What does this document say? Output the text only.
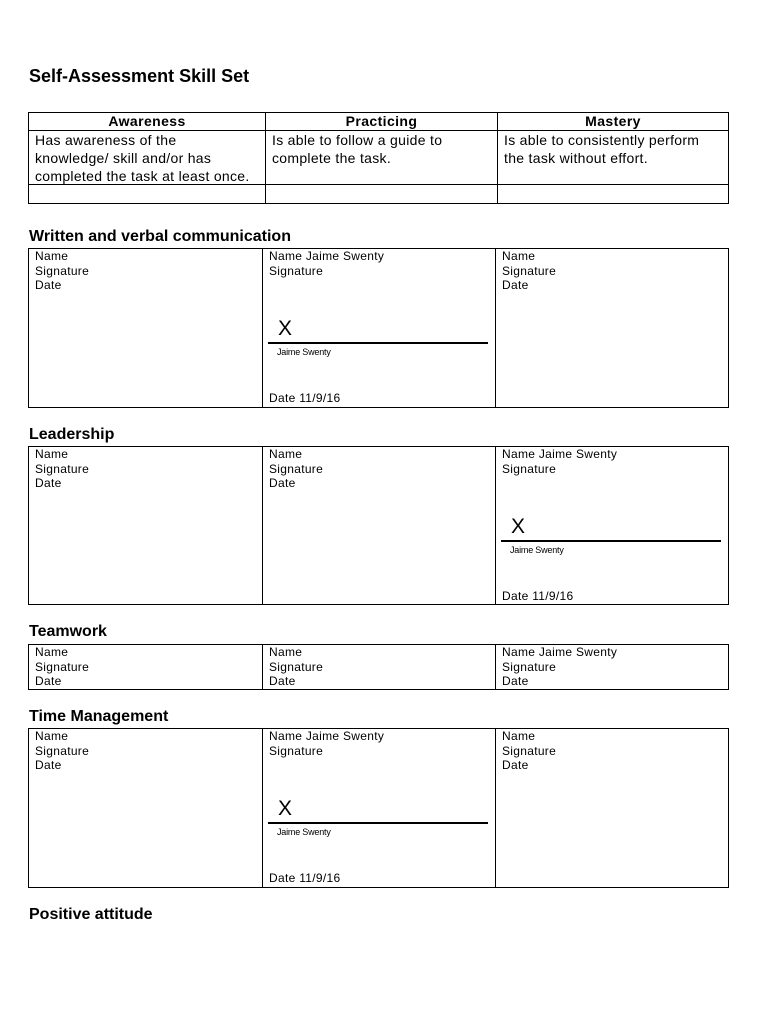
Self-Assessment Skill Set
Awareness	Practicing	Mastery
Has awareness of the
knowledge/ skill and/or has
completed the task at least once.
Is able to follow a guide to
complete the task.
Is able to consistently perform
the task without effort.
Written and verbal communication
Name
Signature
Date
Name Jaime Swenty
Signature
X
Jaime Swenty
Date 11/9/16
Name
Signature
Date
Leadership
Name
Signature
Date
Name
Signature
Date
Name Jaime Swenty
Signature
X
Jaime Swenty
Date 11/9/16
Teamwork
Name
Signature
Date
Name
Signature
Date
Name Jaime Swenty
Signature
Date
Time Management
Name
Signature
Date
Name Jaime Swenty
Signature
X
Jaime Swenty
Date 11/9/16
Name
Signature
Date
Positive attitude
